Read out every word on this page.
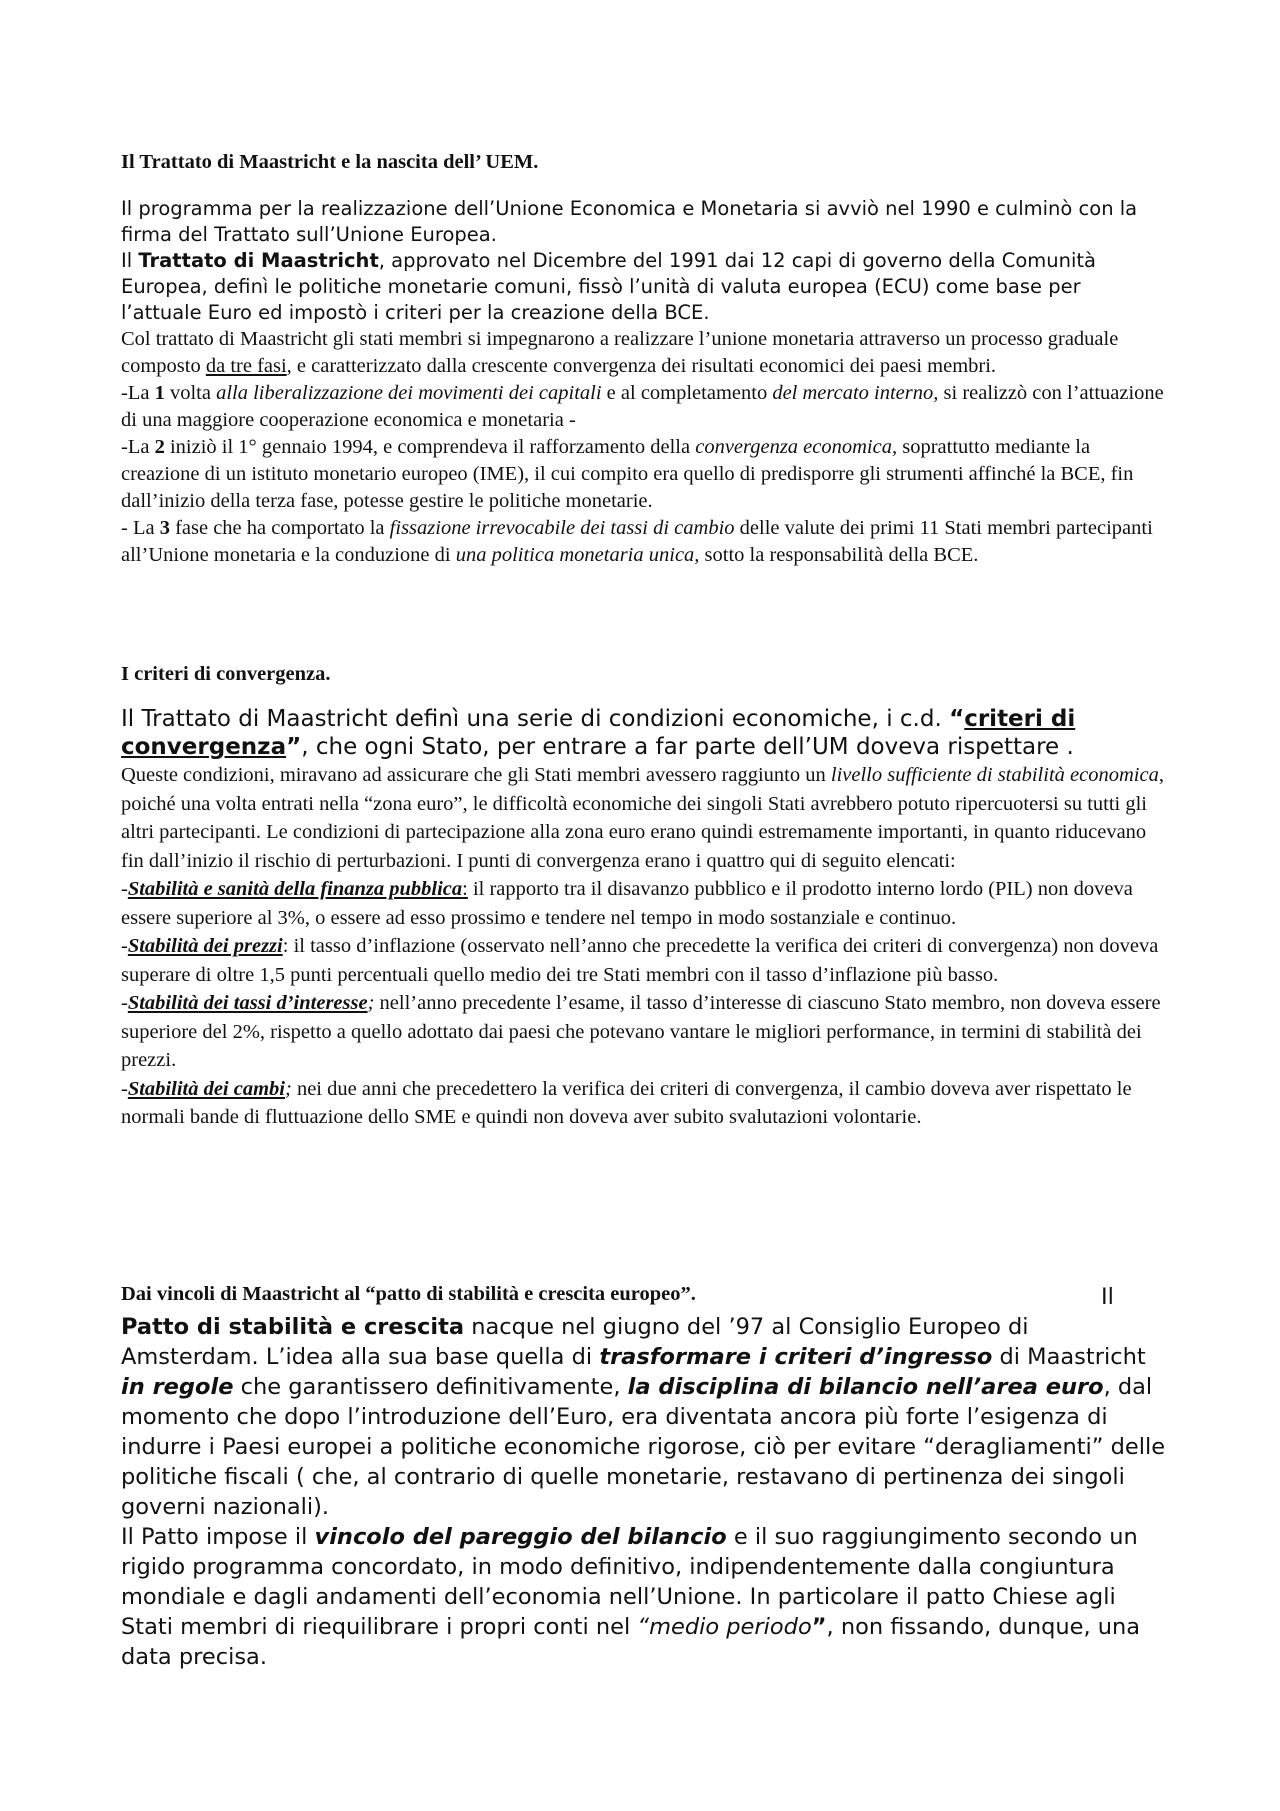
Il Trattato di Maastricht e la nascita dell’ UEM.

Il programma per la realizzazione dell’Unione Economica e Monetaria si avviò nel 1990 e culminò con la firma del Trattato sull’Unione Europea.

Il Trattato di Maastricht, approvato nel Dicembre del 1991 dai 12 capi di governo della Comunità Europea, definì le politiche monetarie comuni, fissò l’unità di valuta europea (ECU) come base per l’attuale Euro ed impostò i criteri per la creazione della BCE.

Col trattato di Maastricht gli stati membri si impegnarono a realizzare l’unione monetaria attraverso un processo graduale composto da tre fasi, e caratterizzato dalla crescente convergenza dei risultati economici dei paesi membri.

-La 1 volta alla liberalizzazione dei movimenti dei capitali e al completamento del mercato interno, si realizzò con l’attuazione di una maggiore cooperazione economica e monetaria -

-La 2 iniziò il 1° gennaio 1994, e comprendeva il rafforzamento della convergenza economica, soprattutto mediante la creazione di un istituto monetario europeo (IME), il cui compito era quello di predisporre gli strumenti affinché la BCE, fin dall’inizio della terza fase, potesse gestire le politiche monetarie.

- La 3 fase che ha comportato la fissazione irrevocabile dei tassi di cambio delle valute dei primi 11 Stati membri partecipanti all’Unione monetaria e la conduzione di una politica monetaria unica, sotto la responsabilità della BCE.

I criteri di convergenza.

Il Trattato di Maastricht definì una serie di condizioni economiche, i c.d. “criteri di convergenza”, che ogni Stato, per entrare a far parte dell’UM doveva rispettare .

Queste condizioni, miravano ad assicurare che gli Stati membri avessero raggiunto un livello sufficiente di stabilità economica, poiché una volta entrati nella “zona euro”, le difficoltà economiche dei singoli Stati avrebbero potuto ripercuotersi su tutti gli altri partecipanti. Le condizioni di partecipazione alla zona euro erano quindi estremamente importanti, in quanto riducevano fin dall’inizio il rischio di perturbazioni. I punti di convergenza erano i quattro qui di seguito elencati:

-Stabilità e sanità della finanza pubblica: il rapporto tra il disavanzo pubblico e il prodotto interno lordo (PIL) non doveva essere superiore al 3%, o essere ad esso prossimo e tendere nel tempo in modo sostanziale e continuo.

-Stabilità dei prezzi: il tasso d’inflazione (osservato nell’anno che precedette la verifica dei criteri di convergenza) non doveva superare di oltre 1,5 punti percentuali quello medio dei tre Stati membri con il tasso d’inflazione più basso.

-Stabilità dei tassi d’interesse; nell’anno precedente l’esame, il tasso d’interesse di ciascuno Stato membro, non doveva essere superiore del 2%, rispetto a quello adottato dai paesi che potevano vantare le migliori performance, in termini di stabilità dei prezzi.

-Stabilità dei cambi; nei due anni che precedettero la verifica dei criteri di convergenza, il cambio doveva aver rispettato le normali bande di fluttuazione dello SME e quindi non doveva aver subito svalutazioni volontarie.

Dai vincoli di Maastricht al “patto di stabilità e crescita europeo”.	Il Patto di stabilità e crescita nacque nel giugno del ’97 al Consiglio Europeo di Amsterdam. L’idea alla sua base quella di trasformare i criteri d’ingresso di Maastricht in regole che garantissero definitivamente, la disciplina di bilancio nell’area euro, dal momento che dopo l’introduzione dell’Euro, era diventata ancora più forte l’esigenza di indurre i Paesi europei a politiche economiche rigorose, ciò per evitare “deragliamenti” delle politiche fiscali ( che, al contrario di quelle monetarie, restavano di pertinenza dei singoli governi nazionali).

Il Patto impose il vincolo del pareggio del bilancio e il suo raggiungimento secondo un rigido programma concordato, in modo definitivo, indipendentemente dalla congiuntura mondiale e dagli andamenti dell’economia nell’Unione. In particolare il patto Chiese agli Stati membri di riequilibrare i propri conti nel “medio periodo”, non fissando, dunque, una data precisa.
